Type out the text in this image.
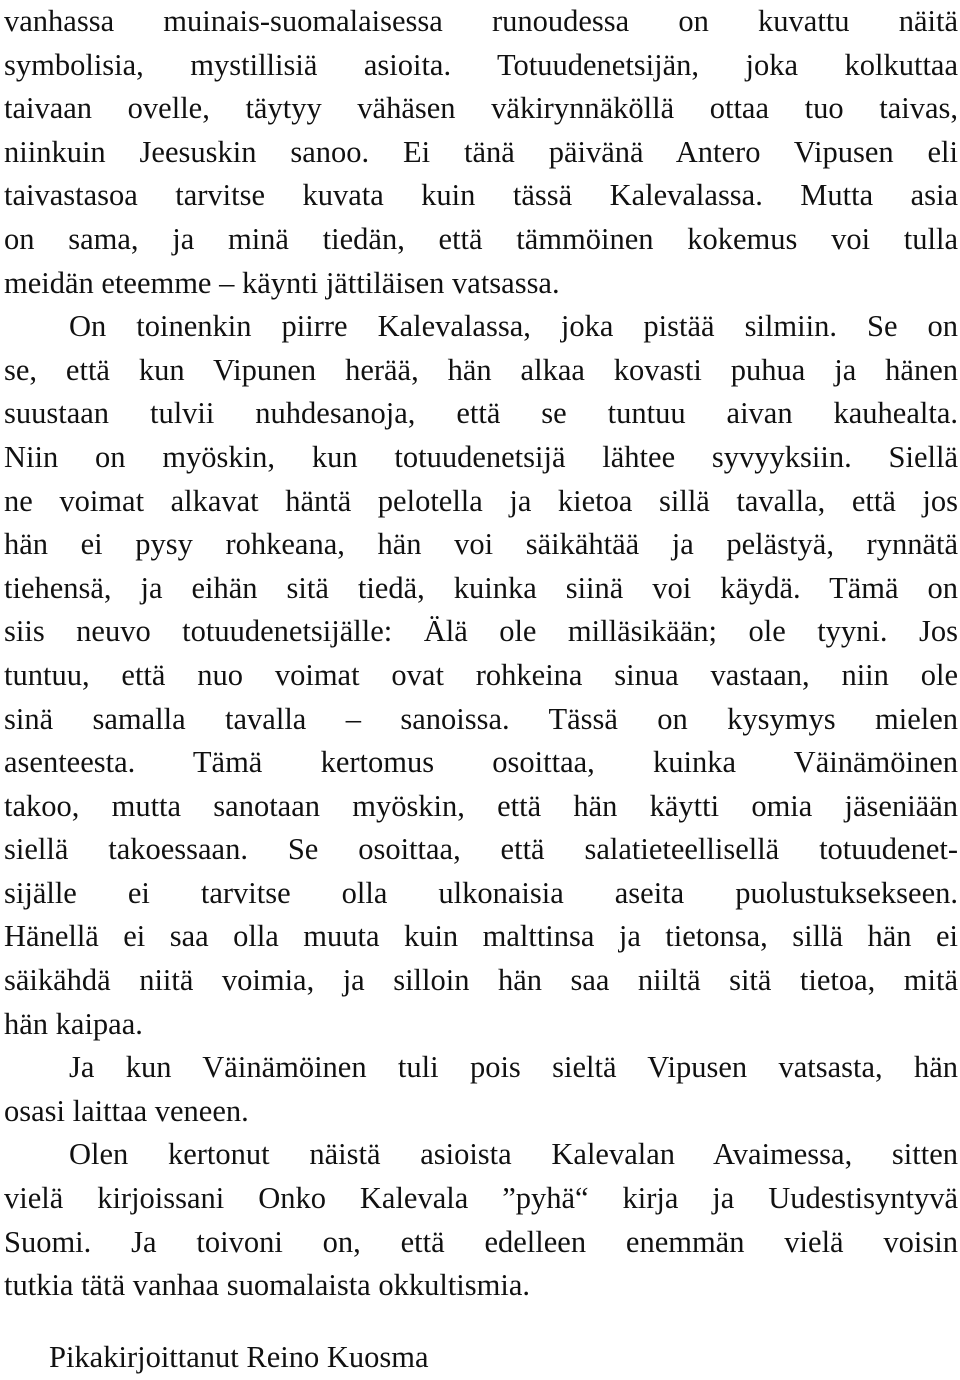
vanhassa muinais-suomalaisessa runoudessa on kuvattu näitä
symbolisia, mystillisiä asioita. Totuudenetsijän, joka kolkuttaa
taivaan ovelle, täytyy vähäsen väkirynnäköllä ottaa tuo taivas,
niinkuin Jeesuskin sanoo. Ei tänä päivänä Antero Vipusen eli
taivastasoa tarvitse kuvata kuin tässä Kalevalassa. Mutta asia
on sama, ja minä tiedän, että tämmöinen kokemus voi tulla
meidän eteemme – käynti jättiläisen vatsassa.
On toinenkin piirre Kalevalassa, joka pistää silmiin. Se on
se, että kun Vipunen herää, hän alkaa kovasti puhua ja hänen
suustaan tulvii nuhdesanoja, että se tuntuu aivan kauhealta.
Niin on myöskin, kun totuudenetsijä lähtee syvyyksiin. Siellä
ne voimat alkavat häntä pelotella ja kietoa sillä tavalla, että jos
hän ei pysy rohkeana, hän voi säikähtää ja pelästyä, rynnätä
tiehensä, ja eihän sitä tiedä, kuinka siinä voi käydä. Tämä on
siis neuvo totuudenetsijälle: Älä ole milläsikään; ole tyyni. Jos
tuntuu, että nuo voimat ovat rohkeina sinua vastaan, niin ole
sinä samalla tavalla – sanoissa. Tässä on kysymys mielen
asenteesta. Tämä kertomus osoittaa, kuinka Väinämöinen
takoo, mutta sanotaan myöskin, että hän käytti omia jäseniään
siellä takoessaan. Se osoittaa, että salatieteellisellä totuudenet-
sijälle ei tarvitse olla ulkonaisia aseita puolustuksekseen.
Hänellä ei saa olla muuta kuin malttinsa ja tietonsa, sillä hän ei
säikähdä niitä voimia, ja silloin hän saa niiltä sitä tietoa, mitä
hän kaipaa.
Ja kun Väinämöinen tuli pois sieltä Vipusen vatsasta, hän
osasi laittaa veneen.
Olen kertonut näistä asioista Kalevalan Avaimessa, sitten
vielä kirjoissani Onko Kalevala ”pyhä“ kirja ja Uudestisyntyvä
Suomi. Ja toivoni on, että edelleen enemmän vielä voisin
tutkia tätä vanhaa suomalaista okkultismia.
Pikakirjoittanut Reino Kuosma
